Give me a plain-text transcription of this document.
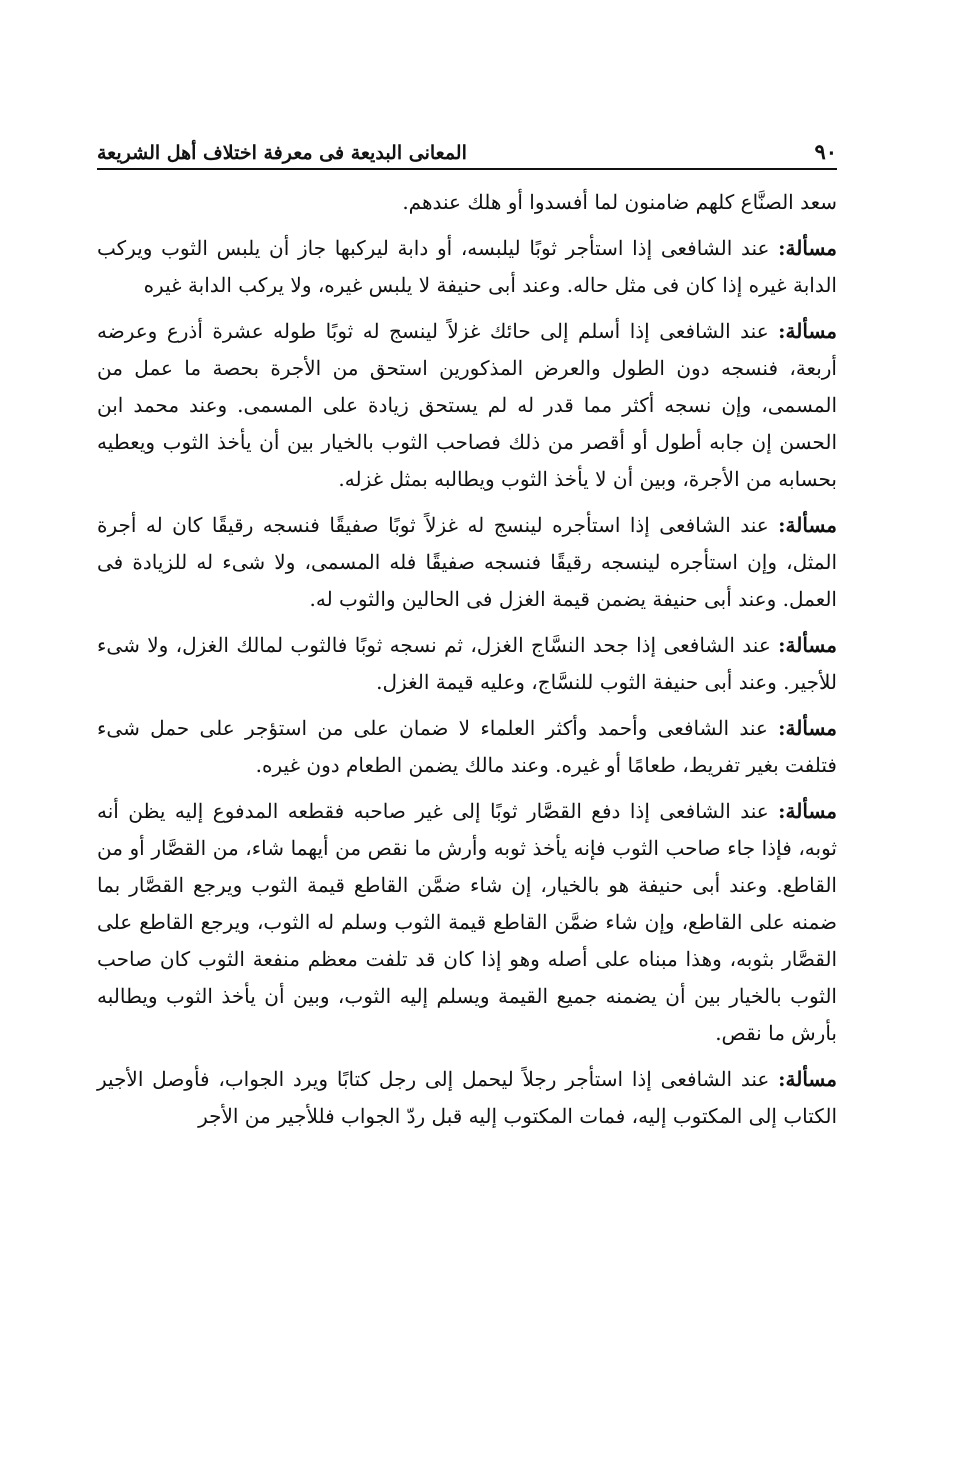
٩٠
المعانى البديعة فى معرفة اختلاف أهل الشريعة

سعد الصنَّاع كلهم ضامنون لما أفسدوا أو هلك عندهم.

مسألة: عند الشافعى إذا استأجر ثوبًا ليلبسه، أو دابة ليركبها جاز أن يلبس الثوب ويركب الدابة غيره إذا كان فى مثل حاله. وعند أبى حنيفة لا يلبس غيره، ولا يركب الدابة غيره

مسألة: عند الشافعى إذا أسلم إلى حائك غزلاً لينسج له ثوبًا طوله عشرة أذرع وعرضه أربعة، فنسجه دون الطول والعرض المذكورين استحق من الأجرة بحصة ما عمل من المسمى، وإن نسجه أكثر مما قدر له لم يستحق زيادة على المسمى. وعند محمد ابن الحسن إن جابه أطول أو أقصر من ذلك فصاحب الثوب بالخيار بين أن يأخذ الثوب ويعطيه بحسابه من الأجرة، وبين أن لا يأخذ الثوب ويطالبه بمثل غزله.

مسألة: عند الشافعى إذا استأجره لينسج له غزلاً ثوبًا صفيقًا فنسجه رقيقًا كان له أجرة المثل، وإن استأجره لينسجه رقيقًا فنسجه صفيقًا فله المسمى، ولا شىء له للزيادة فى العمل. وعند أبى حنيفة يضمن قيمة الغزل فى الحالين والثوب له.

مسألة: عند الشافعى إذا جحد النسَّاج الغزل، ثم نسجه ثوبًا فالثوب لمالك الغزل، ولا شىء للأجير. وعند أبى حنيفة الثوب للنسَّاج، وعليه قيمة الغزل.

مسألة: عند الشافعى وأحمد وأكثر العلماء لا ضمان على من استؤجر على حمل شىء فتلفت بغير تفريط، طعامًا أو غيره. وعند مالك يضمن الطعام دون غيره.

مسألة: عند الشافعى إذا دفع القصَّار ثوبًا إلى غير صاحبه فقطعه المدفوع إليه يظن أنه ثوبه، فإذا جاء صاحب الثوب فإنه يأخذ ثوبه وأرش ما نقص من أيهما شاء، من القصَّار أو من القاطع. وعند أبى حنيفة هو بالخيار، إن شاء ضمَّن القاطع قيمة الثوب ويرجع القصَّار بما ضمنه على القاطع، وإن شاء ضمَّن القاطع قيمة الثوب وسلم له الثوب، ويرجع القاطع على القصَّار بثوبه، وهذا مبناه على أصله وهو إذا كان قد تلفت معظم منفعة الثوب كان صاحب الثوب بالخيار بين أن يضمنه جميع القيمة ويسلم إليه الثوب، وبين أن يأخذ الثوب ويطالبه بأرش ما نقص.

مسألة: عند الشافعى إذا استأجر رجلاً ليحمل إلى رجل كتابًا ويرد الجواب، فأوصل الأجير الكتاب إلى المكتوب إليه، فمات المكتوب إليه قبل ردّ الجواب فللأجير من الأجر
